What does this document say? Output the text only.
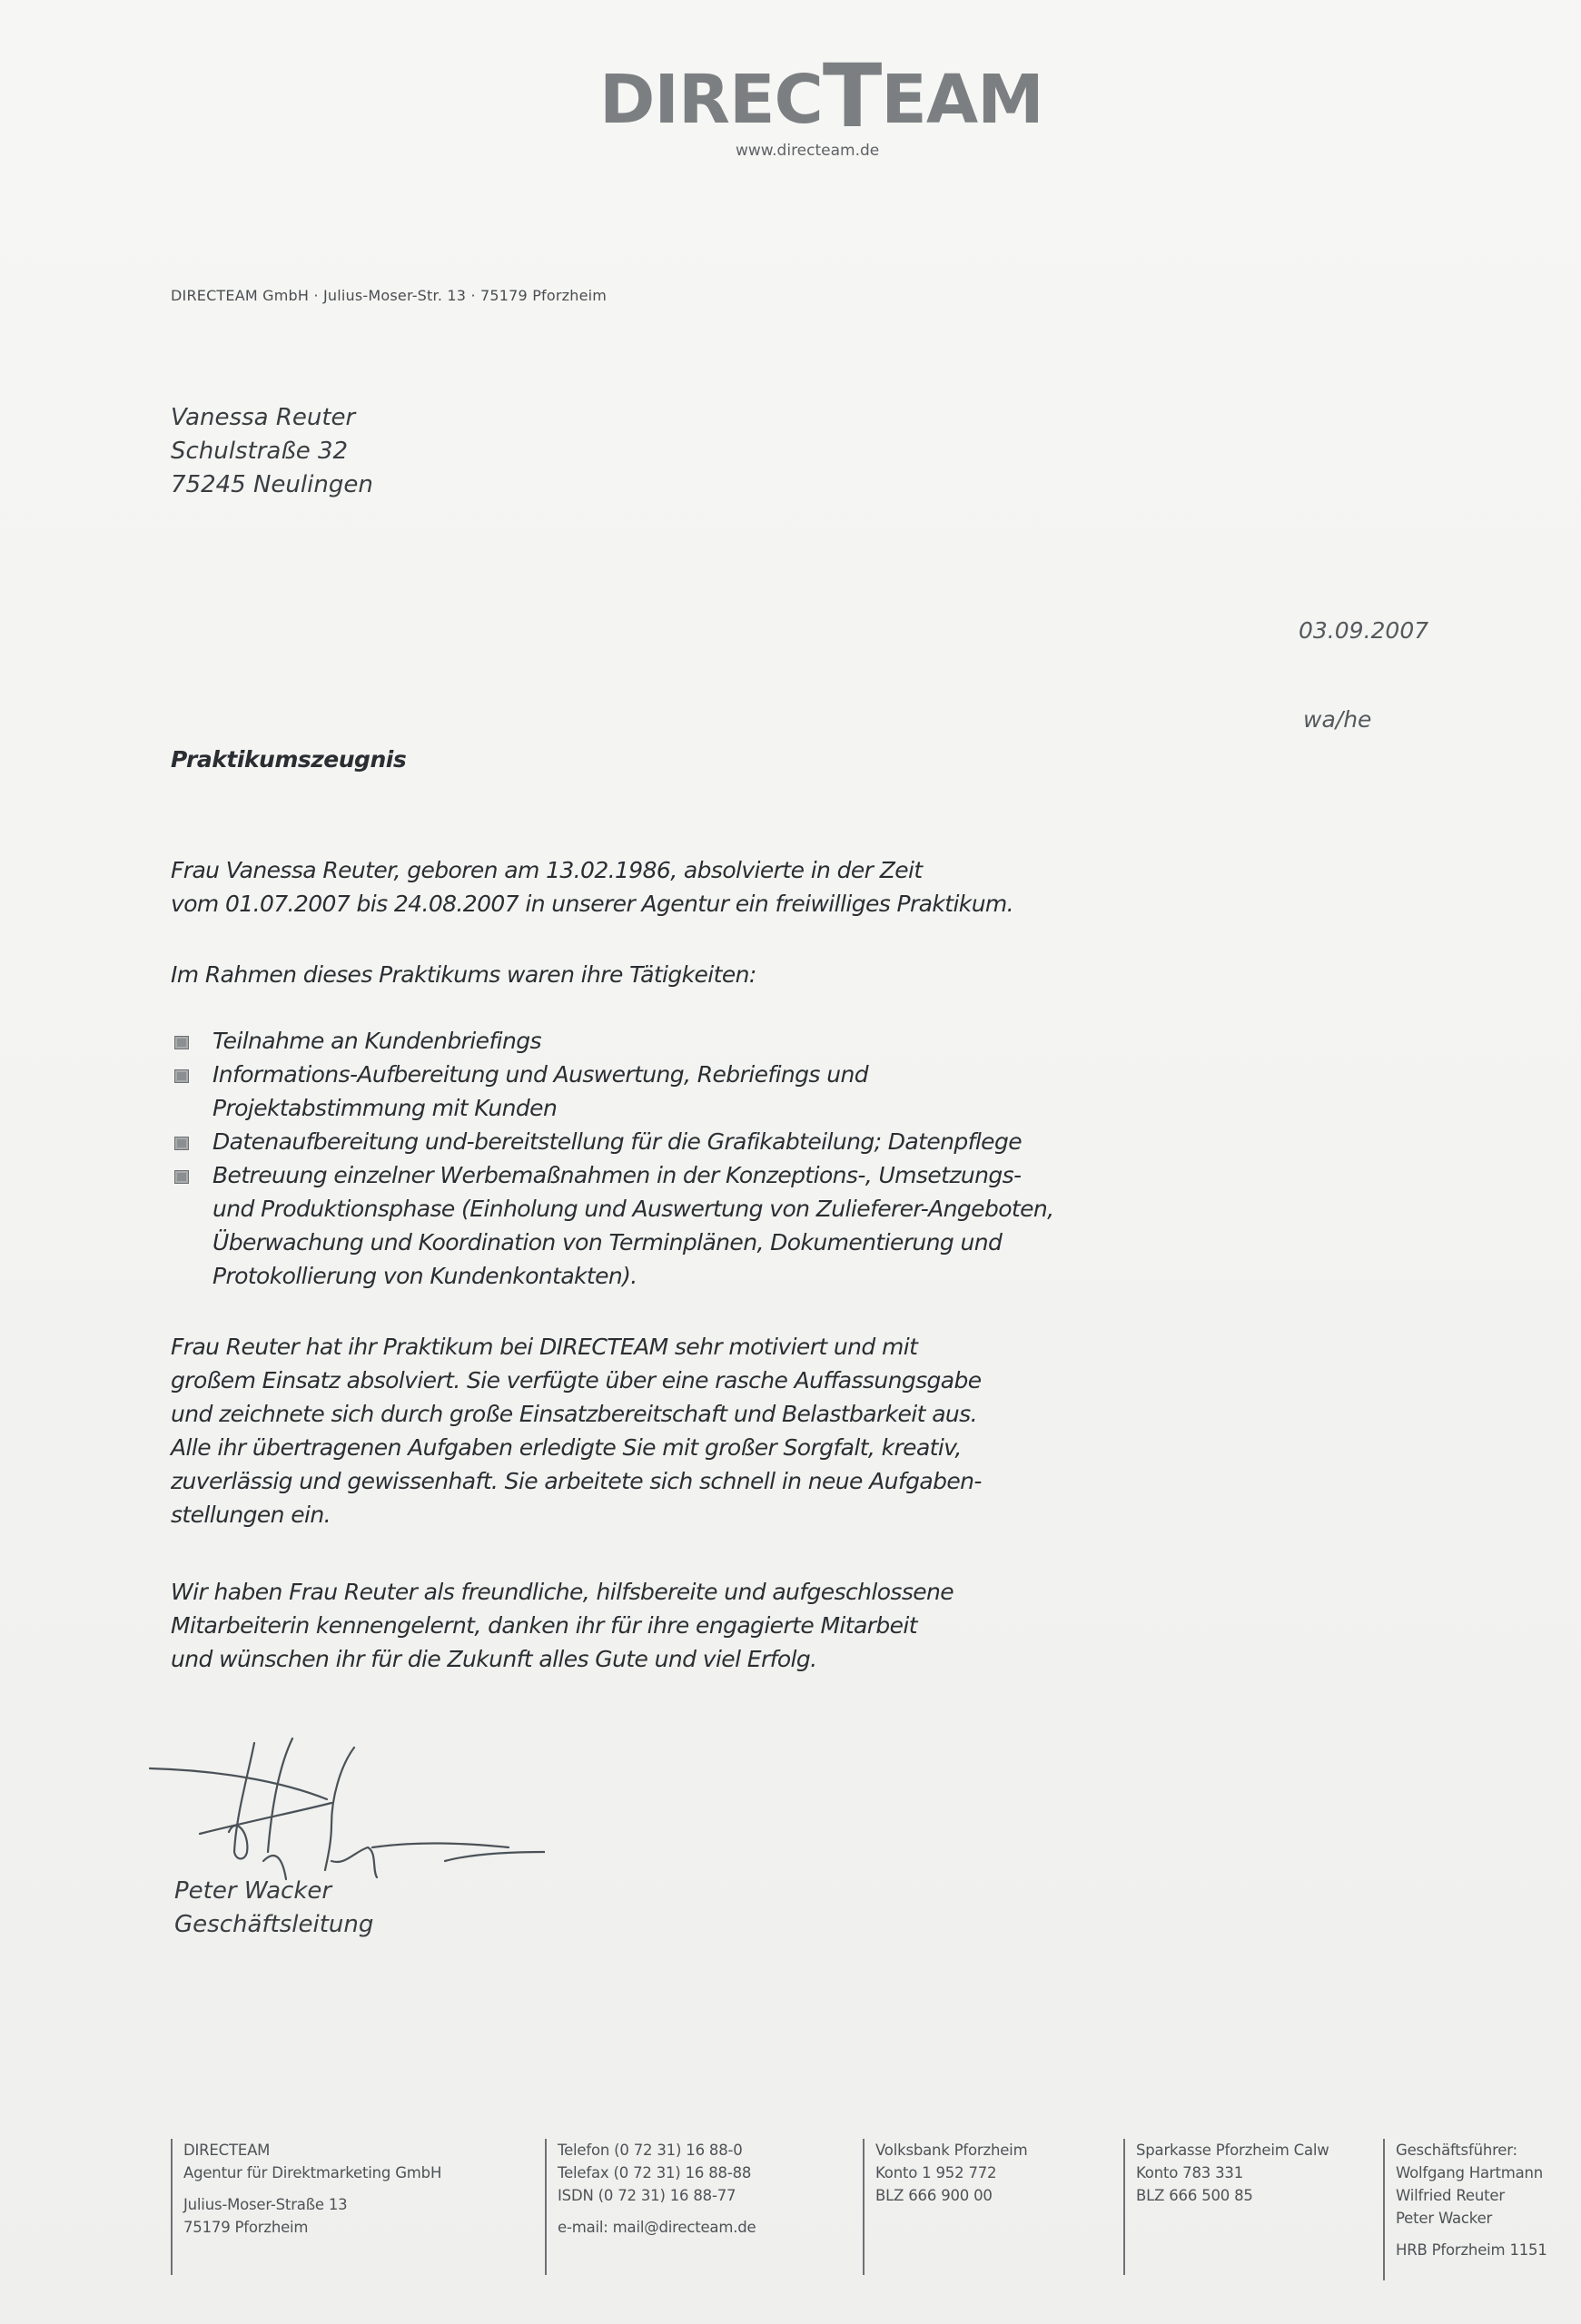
DIRECTEAM
www.directeam.de
DIRECTEAM GmbH · Julius-Moser-Str. 13 · 75179 Pforzheim
Vanessa Reuter
Schulstraße 32
75245 Neulingen
03.09.2007
wa/he
Praktikumszeugnis
Frau Vanessa Reuter, geboren am 13.02.1986, absolvierte in der Zeit
vom 01.07.2007 bis 24.08.2007 in unserer Agentur ein freiwilliges Praktikum.
Im Rahmen dieses Praktikums waren ihre Tätigkeiten:
Teilnahme an Kundenbriefings
Informations-Aufbereitung und Auswertung, Rebriefings und
Projektabstimmung mit Kunden
Datenaufbereitung und-bereitstellung für die Grafikabteilung; Datenpflege
Betreuung einzelner Werbemaßnahmen in der Konzeptions-, Umsetzungs-
und Produktionsphase (Einholung und Auswertung von Zulieferer-Angeboten,
Überwachung und Koordination von Terminplänen, Dokumentierung und
Protokollierung von Kundenkontakten).
Frau Reuter hat ihr Praktikum bei DIRECTEAM sehr motiviert und mit
großem Einsatz absolviert. Sie verfügte über eine rasche Auffassungsgabe
und zeichnete sich durch große Einsatzbereitschaft und Belastbarkeit aus.
Alle ihr übertragenen Aufgaben erledigte Sie mit großer Sorgfalt, kreativ,
zuverlässig und gewissenhaft. Sie arbeitete sich schnell in neue Aufgaben-
stellungen ein.
Wir haben Frau Reuter als freundliche, hilfsbereite und aufgeschlossene
Mitarbeiterin kennengelernt, danken ihr für ihre engagierte Mitarbeit
und wünschen ihr für die Zukunft alles Gute und viel Erfolg.
Peter Wacker
Geschäftsleitung
DIRECTEAM
Agentur für Direktmarketing GmbH
Julius-Moser-Straße 13
75179 Pforzheim
Telefon (0 72 31) 16 88-0
Telefax (0 72 31) 16 88-88
ISDN (0 72 31) 16 88-77
e-mail: mail@directeam.de
Volksbank Pforzheim
Konto 1 952 772
BLZ 666 900 00
Sparkasse Pforzheim Calw
Konto 783 331
BLZ 666 500 85
Geschäftsführer:
Wolfgang Hartmann
Wilfried Reuter
Peter Wacker
HRB Pforzheim 1151
